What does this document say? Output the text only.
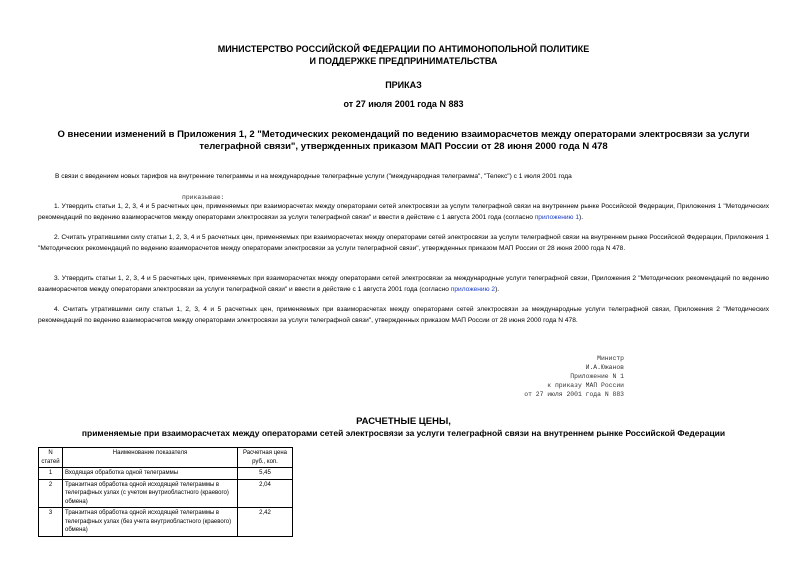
МИНИСТЕРСТВО РОССИЙСКОЙ ФЕДЕРАЦИИ ПО АНТИМОНОПОЛЬНОЙ ПОЛИТИКЕ
И ПОДДЕРЖКЕ ПРЕДПРИНИМАТЕЛЬСТВА
ПРИКАЗ
от 27 июля 2001 года N 883
О внесении изменений в Приложения 1, 2 "Методических рекомендаций по ведению взаиморасчетов между операторами электросвязи за услуги телеграфной связи", утвержденных приказом МАП России от 28 июня 2000 года N 478
В связи с введением новых тарифов на внутренние телеграммы и на международные телеграфные услуги ("международная телеграмма", "Телекс") с 1 июля 2001 года
приказываю:
1. Утвердить статьи 1, 2, 3, 4 и 5 расчетных цен, применяемых при взаиморасчетах между операторами сетей электросвязи за услуги телеграфной связи на внутреннем рынке Российской Федерации, Приложения 1 "Методических рекомендаций по ведению взаиморасчетов между операторами электросвязи за услуги телеграфной связи" и ввести в действие с 1 августа 2001 года (согласно приложению 1).
2. Считать утратившими силу статьи 1, 2, 3, 4 и 5 расчетных цен, применяемых при взаиморасчетах между операторами сетей электросвязи за услуги телеграфной связи на внутреннем рынке Российской Федерации, Приложения 1 "Методических рекомендаций по ведению взаиморасчетов между операторами электросвязи за услуги телеграфной связи", утвержденных приказом МАП России от 28 июня 2000 года N 478.
3. Утвердить статьи 1, 2, 3, 4 и 5 расчетных цен, применяемых при взаиморасчетах между операторами сетей электросвязи за международные услуги телеграфной связи, Приложения 2 "Методических рекомендаций по ведению взаиморасчетов между операторами электросвязи за услуги телеграфной связи" и ввести в действие с 1 августа 2001 года (согласно приложению 2).
4. Считать утратившими силу статьи 1, 2, 3, 4 и 5 расчетных цен, применяемых при взаиморасчетах между операторами сетей электросвязи за международные услуги телеграфной связи, Приложения 2 "Методических рекомендаций по ведению взаиморасчетов между операторами электросвязи за услуги телеграфной связи", утвержденных приказом МАП России от 28 июня 2000 года N 478.
Министр
И.А.Южанов
Приложение N 1
к приказу МАП России
от 27 июля 2001 года N 883
РАСЧЕТНЫЕ ЦЕНЫ,
применяемые при взаиморасчетах между операторами сетей электросвязи за услуги телеграфной связи на внутреннем рынке Российской Федерации
N статей	Наименование показателя	Расчетная цена руб., коп.
1	Входящая обработка одной телеграммы	5,45
2	Транзитная обработка одной исходящей телеграммы в телеграфных узлах (с учетом внутриобластного (краевого) обмена)	2,04
3	Транзитная обработка одной исходящей телеграммы в телеграфных узлах (без учета внутриобластного (краевого) обмена)	2,42
